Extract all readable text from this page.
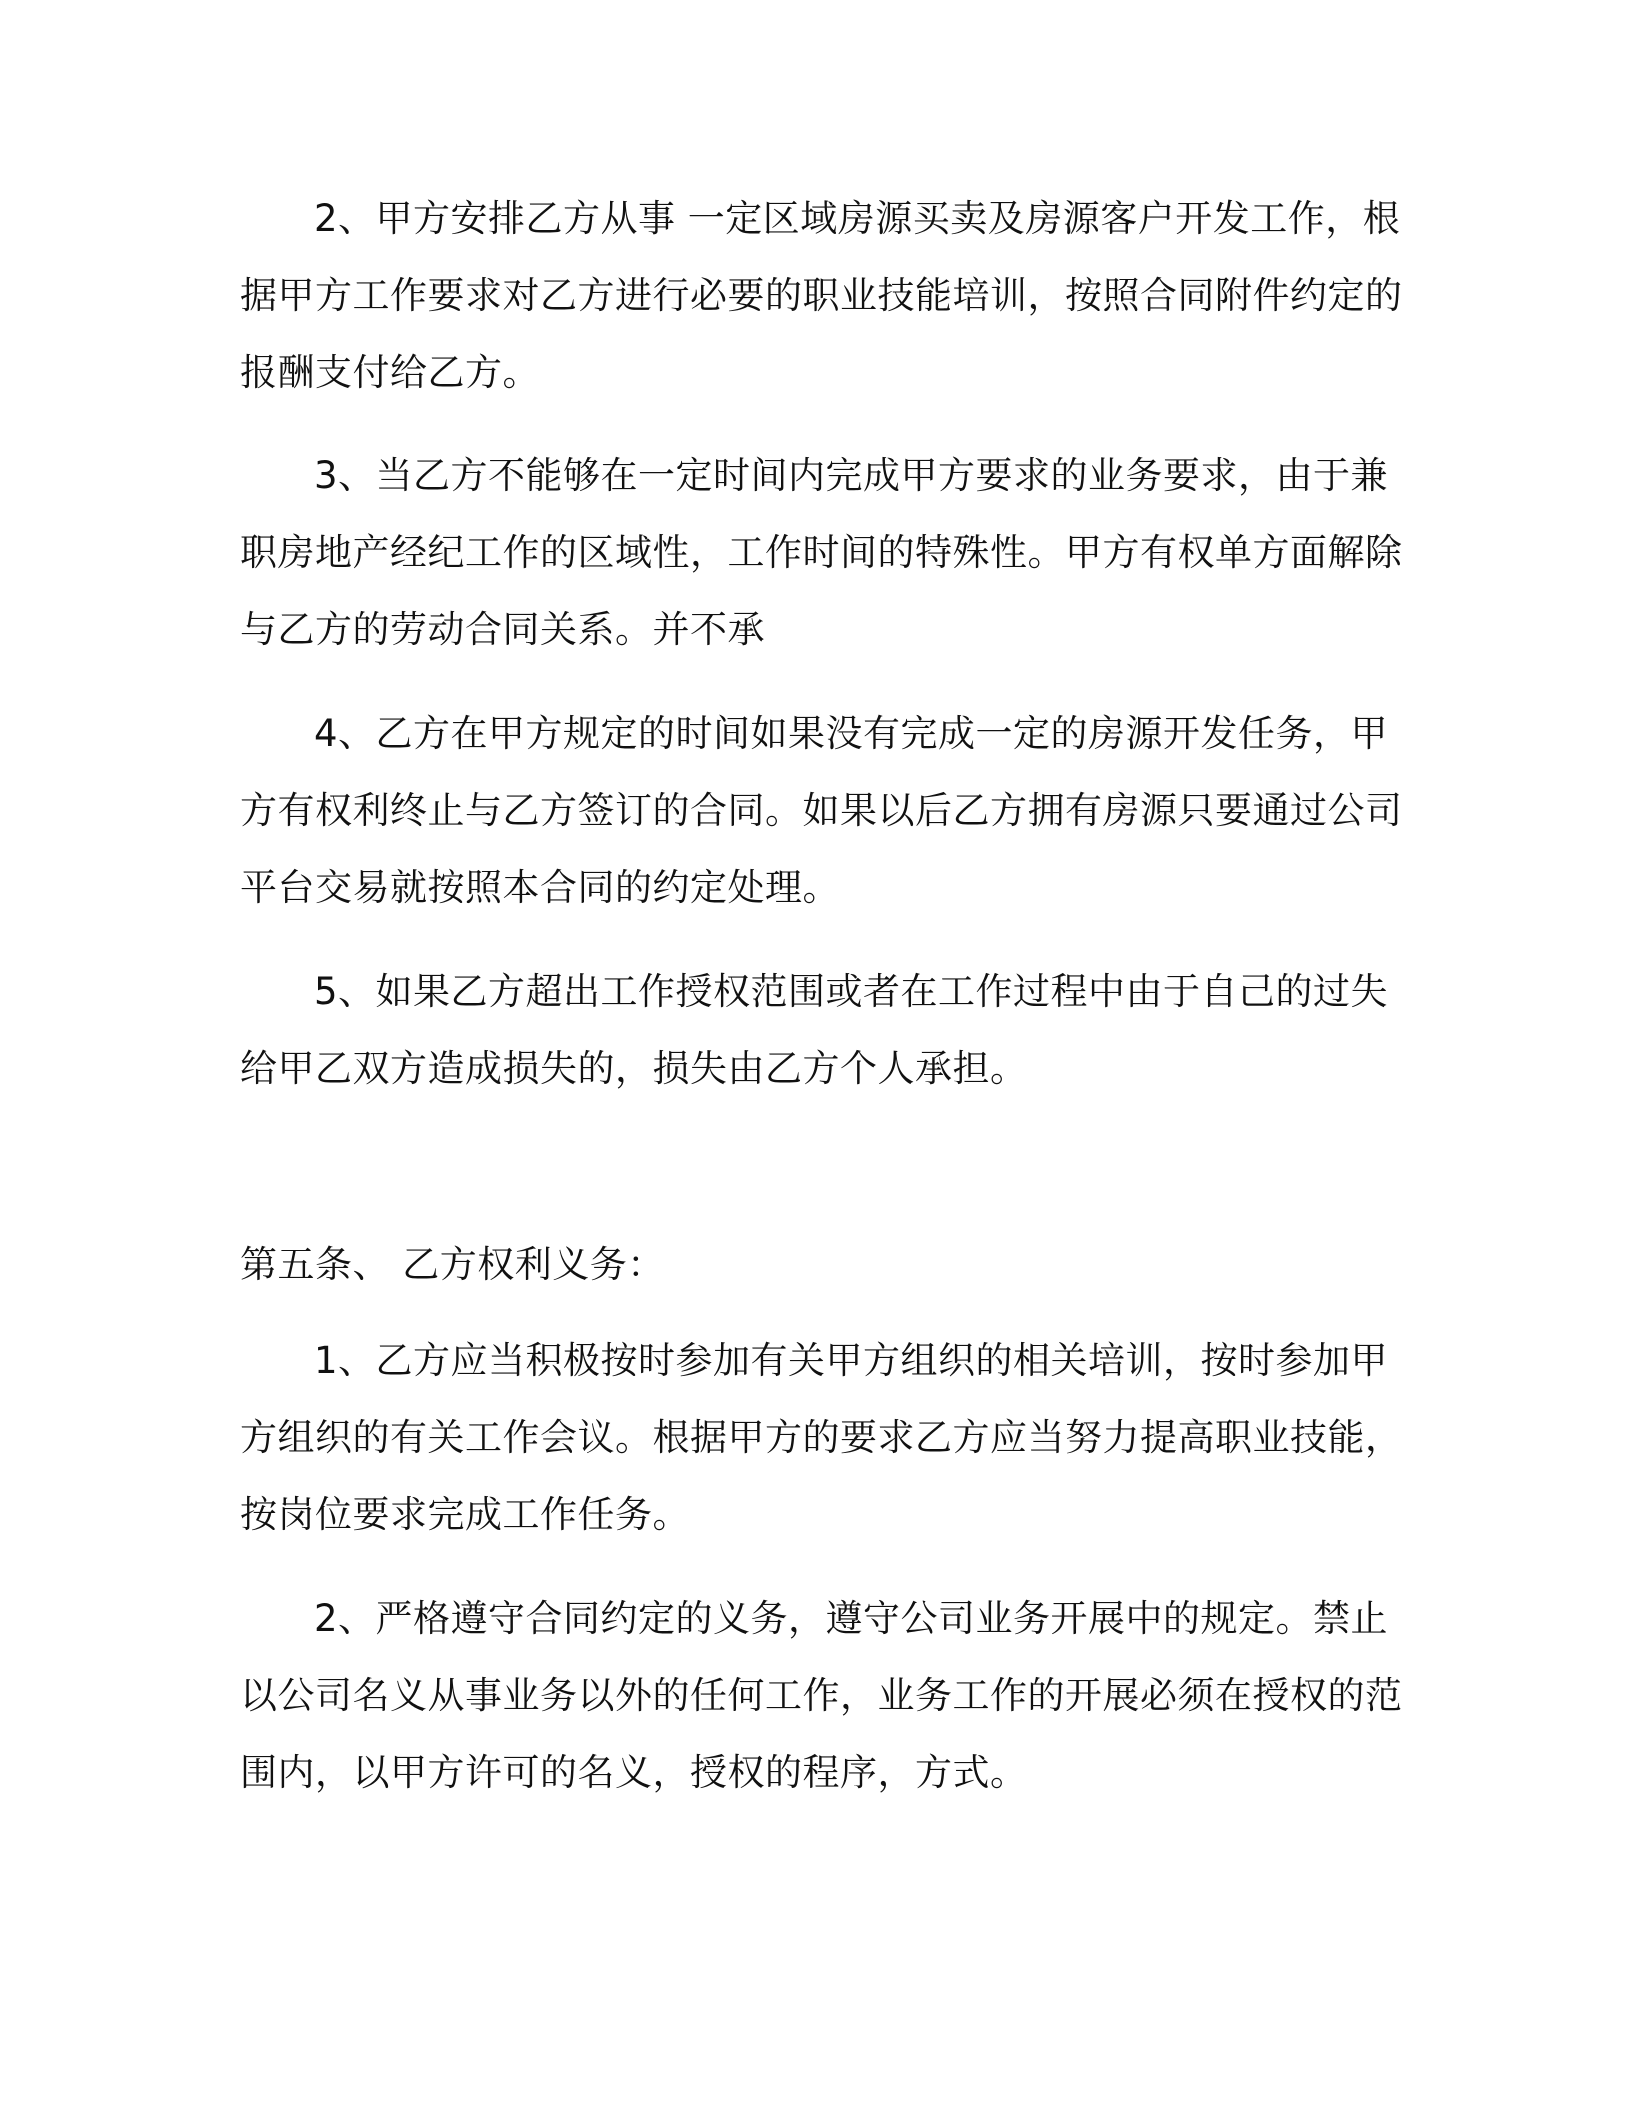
2、甲方安排乙方从事 一定区域房源买卖及房源客户开发工作，根据甲方工作要求对乙方进行必要的职业技能培训，按照合同附件约定的报酬支付给乙方。

3、当乙方不能够在一定时间内完成甲方要求的业务要求，由于兼职房地产经纪工作的区域性，工作时间的特殊性。甲方有权单方面解除与乙方的劳动合同关系。并不承

4、乙方在甲方规定的时间如果没有完成一定的房源开发任务，甲方有权利终止与乙方签订的合同。如果以后乙方拥有房源只要通过公司平台交易就按照本合同的约定处理。

5、如果乙方超出工作授权范围或者在工作过程中由于自己的过失给甲乙双方造成损失的，损失由乙方个人承担。

第五条、 乙方权利义务：

1、乙方应当积极按时参加有关甲方组织的相关培训，按时参加甲方组织的有关工作会议。根据甲方的要求乙方应当努力提高职业技能，按岗位要求完成工作任务。

2、严格遵守合同约定的义务，遵守公司业务开展中的规定。禁止以公司名义从事业务以外的任何工作，业务工作的开展必须在授权的范围内，以甲方许可的名义，授权的程序，方式。
